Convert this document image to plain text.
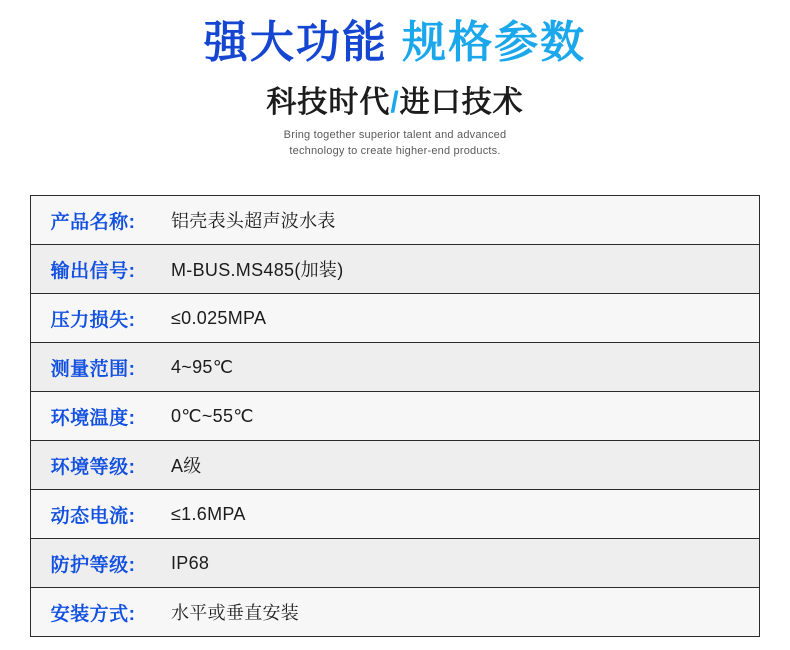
强大功能 规格参数
科技时代/进口技术
Bring together superior talent and advanced
technology to create higher-end products.
产品名称:	铝壳表头超声波水表
输出信号:	M-BUS.MS485(加装)
压力损失:	≤0.025MPA
测量范围:	4~95℃
环境温度:	0℃~55℃
环境等级:	A级
动态电流:	≤1.6MPA
防护等级:	IP68
安装方式:	水平或垂直安装
